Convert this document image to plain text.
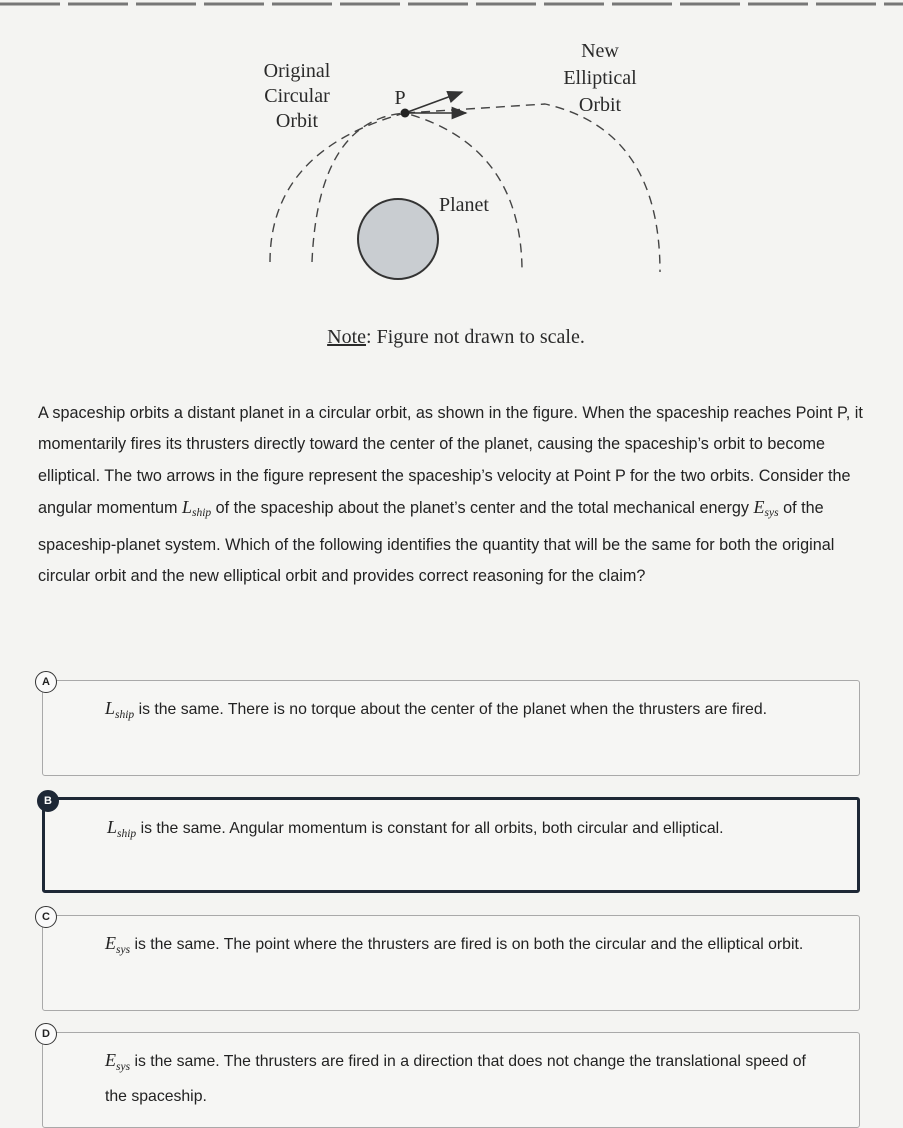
Original
Circular
Orbit
New
Elliptical
Orbit
P
Planet
Note: Figure not drawn to scale.
A spaceship orbits a distant planet in a circular orbit, as shown in the figure. When the spaceship reaches Point P, it momentarily fires its thrusters directly toward the center of the planet, causing the spaceship’s orbit to become elliptical. The two arrows in the figure represent the spaceship’s velocity at Point P for the two orbits. Consider the angular momentum $L_{ship}$ of the spaceship about the planet’s center and the total mechanical energy $E_{sys}$ of the spaceship-planet system. Which of the following identifies the quantity that will be the same for both the original circular orbit and the new elliptical orbit and provides correct reasoning for the claim?
A
$L_{ship}$ is the same. There is no torque about the center of the planet when the thrusters are fired.
B
$L_{ship}$ is the same. Angular momentum is constant for all orbits, both circular and elliptical.
C
$E_{sys}$ is the same. The point where the thrusters are fired is on both the circular and the elliptical orbit.
D
$E_{sys}$ is the same. The thrusters are fired in a direction that does not change the translational speed of the spaceship.
